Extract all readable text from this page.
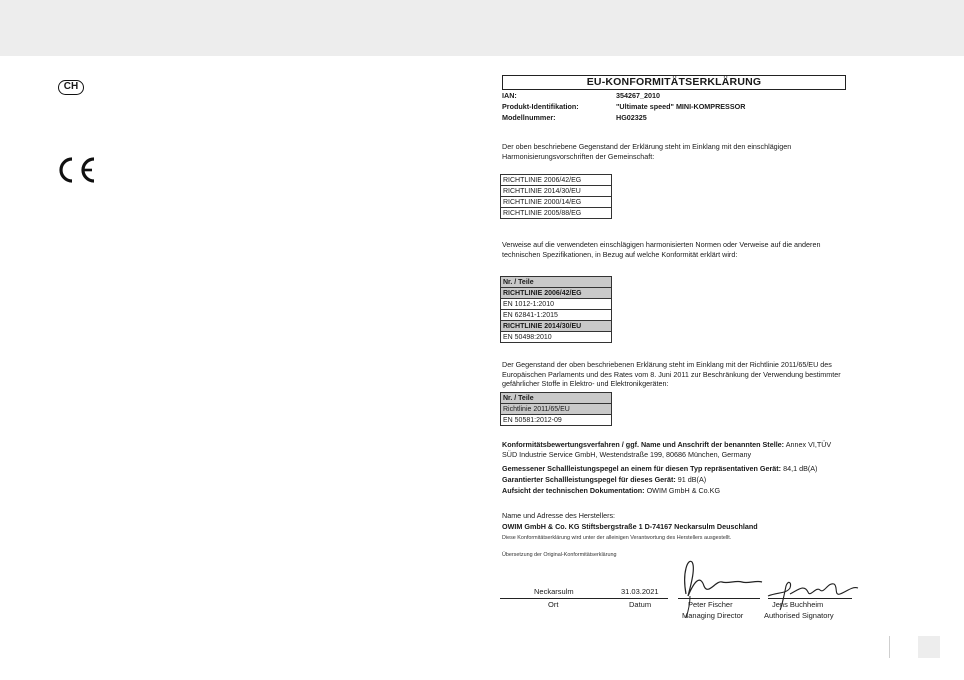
CH	EU-KONFORMITÄTSERKLÄRUNG
IAN:	354267_2010
Produkt-Identifikation:	"Ultimate speed" MINI-KOMPRESSOR
Modellnummer:	HG02325
Der oben beschriebene Gegenstand der Erklärung steht im Einklang mit den einschlägigen Harmonisierungsvorschriften der Gemeinschaft:
RICHTLINIE 2006/42/EG
RICHTLINIE 2014/30/EU
RICHTLINIE 2000/14/EG
RICHTLINIE 2005/88/EG
Verweise auf die verwendeten einschlägigen harmonisierten Normen oder Verweise auf die anderen technischen Spezifikationen, in Bezug auf welche Konformität erklärt wird:
Nr. / Teile
RICHTLINIE 2006/42/EG
EN 1012-1:2010
EN 62841-1:2015
RICHTLINIE 2014/30/EU
EN 50498:2010
Der Gegenstand der oben beschriebenen Erklärung steht im Einklang mit der Richtlinie 2011/65/EU des Europäischen Parlaments und des Rates vom 8. Juni 2011 zur Beschränkung der Verwendung bestimmter gefährlicher Stoffe in Elektro- und Elektronikgeräten:
Nr. / Teile
Richtlinie 2011/65/EU
EN 50581:2012-09
Konformitätsbewertungsverfahren / ggf. Name und Anschrift der benannten Stelle: Annex VI,TÜV
SÜD Industrie Service GmbH, Westendstraße 199, 80686 München, Germany
Gemessener Schallleistungspegel an einem für diesen Typ repräsentativen Gerät: 84,1 dB(A)
Garantierter Schallleistungspegel für dieses Gerät: 91 dB(A)
Aufsicht der technischen Dokumentation: OWIM GmbH & Co.KG
Name und Adresse des Herstellers:
OWIM GmbH & Co. KG Stiftsbergstraße 1 D-74167 Neckarsulm Deuschland
Diese Konformitätserklärung wird unter der alleinigen Verantwortung des Herstellers ausgestellt.
Übersetzung der Original-Konformitätserklärung
Neckarsulm	31.03.2021
Ort	Datum	Peter Fischer
Managing Director
Jens Buchheim
Authorised Signatory
